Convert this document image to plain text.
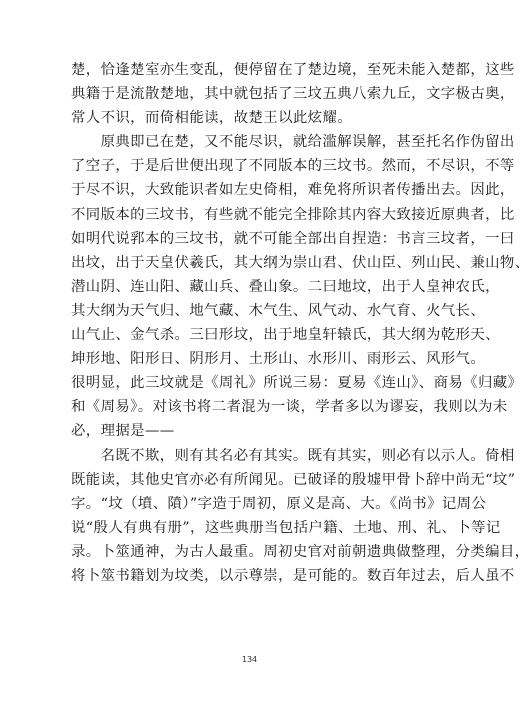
楚，恰逢楚室亦生变乱，便停留在了楚边境，至死未能入楚都，这些
典籍于是流散楚地，其中就包括了三坟五典八索九丘，文字极古奥，
常人不识，而倚相能读，故楚王以此炫耀。
　　原典即已在楚，又不能尽识，就给滥解误解，甚至托名作伪留出
了空子，于是后世便出现了不同版本的三坟书。然而，不尽识，不等
于尽不识，大致能识者如左史倚相，难免将所识者传播出去。因此，
不同版本的三坟书，有些就不能完全排除其内容大致接近原典者，比
如明代说郛本的三坟书，就不可能全部出自捏造：书言三坟者，一曰
出坟，出于天皇伏羲氏，其大纲为崇山君、伏山臣、列山民、兼山物、
潜山阴、连山阳、藏山兵、叠山象。二曰地坟，出于人皇神农氏，
其大纲为天气归、地气藏、木气生、风气动、水气育、火气长、
山气止、金气杀。三曰形坟，出于地皇轩辕氏，其大纲为乾形天、
坤形地、阳形日、阴形月、土形山、水形川、雨形云、风形气。
很明显，此三坟就是《周礼》所说三易：夏易《连山》、商易《归藏》
和《周易》。对该书将二者混为一谈，学者多以为谬妄，我则以为未
必，理据是——
　　名既不欺，则有其名必有其实。既有其实，则必有以示人。倚相
既能读，其他史官亦必有所闻见。已破译的殷墟甲骨卜辞中尚无“坟”
字。“坟（墳、隫）”字造于周初，原义是高、大。《尚书》记周公
说“殷人有典有册”，这些典册当包括户籍、土地、刑、礼、卜等记
录。卜筮通神，为古人最重。周初史官对前朝遗典做整理，分类编目，
将卜筮书籍划为坟类，以示尊崇，是可能的。数百年过去，后人虽不
134
